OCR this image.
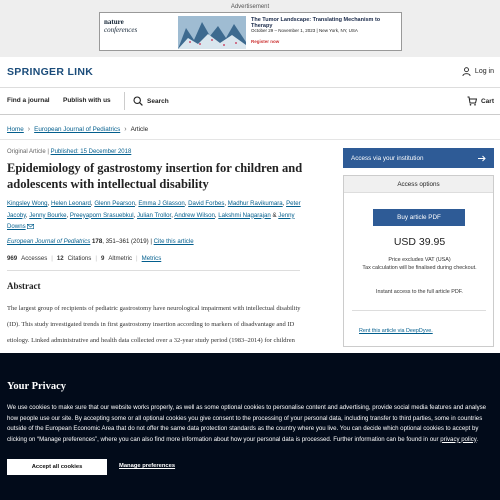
Advertisement
nature
conferences
The Tumor Landscape: Translating Mechanism to Therapy
October 29 – November 1, 2023 | New York, NY, USA
Register now
SPRINGER LINK	Log in
Find a journal Publish with us	Search	Cart
Home › European Journal of Pediatrics › Article
Original Article | Published: 15 December 2018
Epidemiology of gastrostomy insertion for children and adolescents with intellectual disability
Kingsley Wong, Helen Leonard, Glenn Pearson, Emma J Glasson, David Forbes, Madhur Ravikumara, Peter Jacoby, Jenny Bourke, Preeyaporn Srasuebkul, Julian Trollor, Andrew Wilson, Lakshmi Nagarajan & Jenny Downs
European Journal of Pediatrics 178, 351–361 (2019) | Cite this article
969 Accesses | 12 Citations | 9 Altmetric | Metrics
Abstract

The largest group of recipients of pediatric gastrostomy have neurological impairment with intellectual disability (ID). This study investigated trends in first gastrostomy insertion according to markers of disadvantage and ID etiology. Linked administrative and health data collected over a 32-year study period (1983–2014) for children

Access via your institution
Access options
Buy article PDF
USD 39.95
Price excludes VAT (USA)
Tax calculation will be finalised during checkout.
Instant access to the full article PDF.
Rent this article via DeepDyve.
Your Privacy

We use cookies to make sure that our website works properly, as well as some optional cookies to personalise content and advertising, provide social media features and analyse how people use our site. By accepting some or all optional cookies you give consent to the processing of your personal data, including transfer to third parties, some in countries outside of the European Economic Area that do not offer the same data protection standards as the country where you live. You can decide which optional cookies to accept by clicking on “Manage preferences”, where you can also find more information about how your personal data is processed. Further information can be found in our privacy policy.

Accept all cookies	Manage preferences
